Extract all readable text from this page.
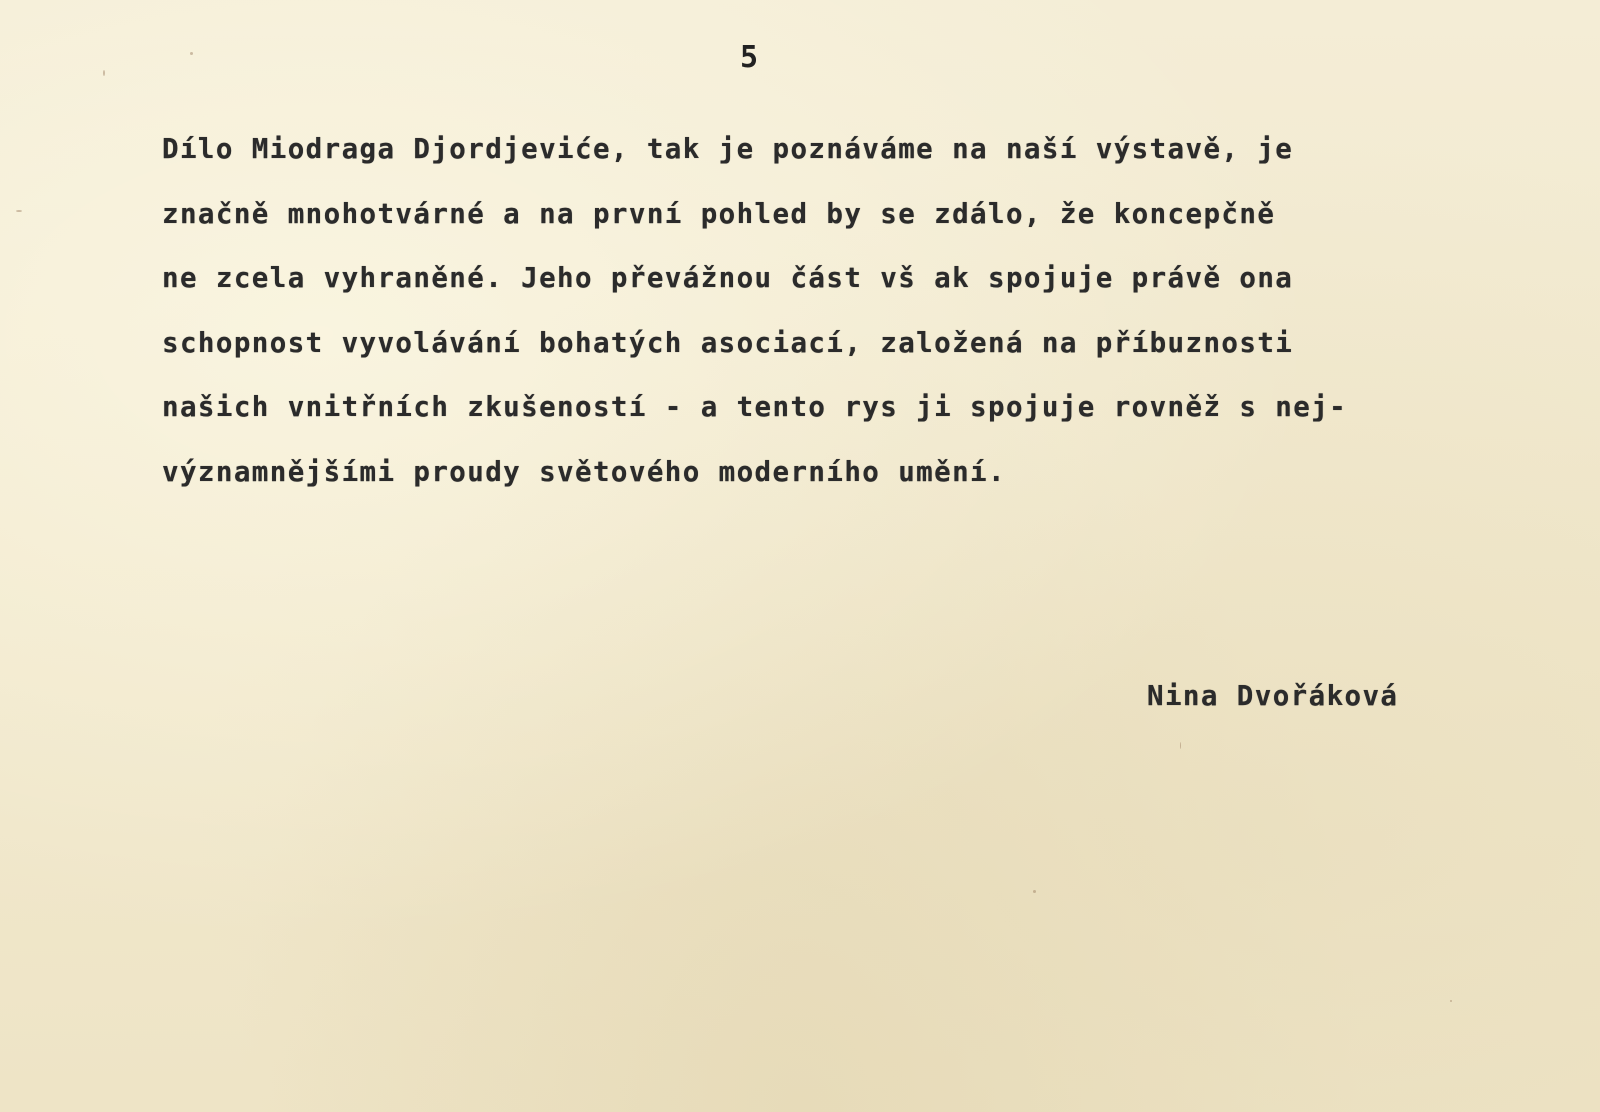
5
Dílo Miodraga Djordjeviće, tak je poznáváme na naší výstavě, je
značně mnohotvárné a na první pohled by se zdálo, že koncepčně
ne zcela vyhraněné. Jeho převážnou část vš ak spojuje právě ona
schopnost vyvolávání bohatých asociací, založená na příbuznosti
našich vnitřních zkušeností - a tento rys ji spojuje rovněž s nej-
významnějšími proudy světového moderního umění.
Nina Dvořáková
